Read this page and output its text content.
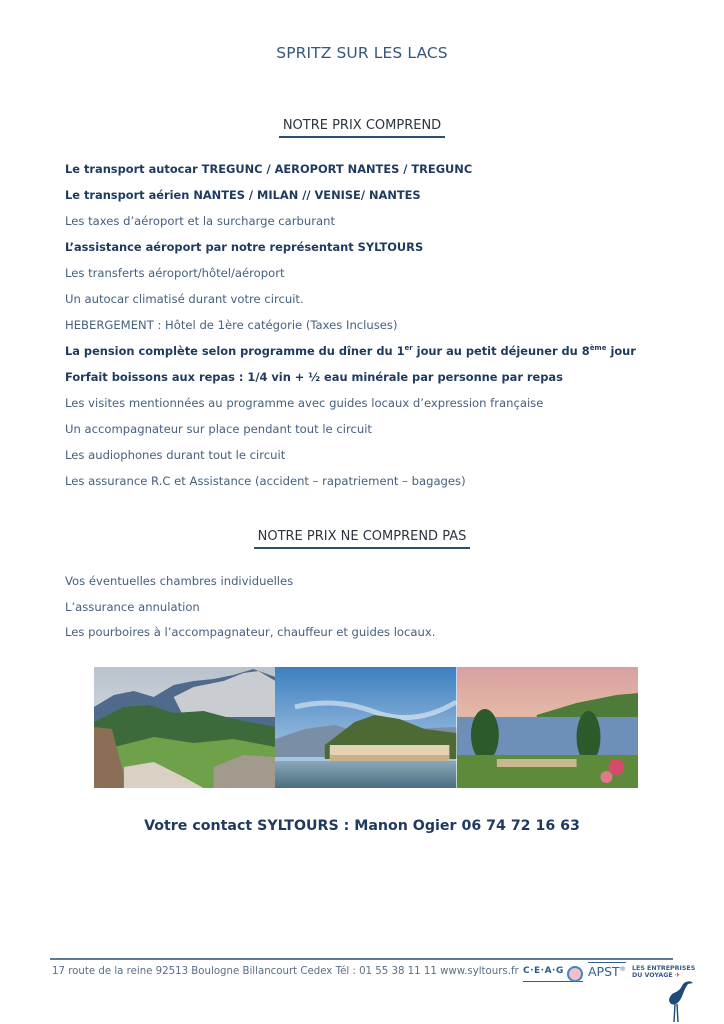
SPRITZ SUR LES LACS
NOTRE PRIX COMPREND
Le transport autocar TREGUNC / AEROPORT NANTES / TREGUNC
Le transport aérien NANTES / MILAN // VENISE/ NANTES
Les taxes d’aéroport et la surcharge carburant
L’assistance aéroport par notre représentant SYLTOURS
Les transferts aéroport/hôtel/aéroport
Un autocar climatisé durant votre circuit.
HEBERGEMENT : Hôtel de 1ère catégorie (Taxes Incluses)
La pension complète selon programme du dîner du 1er jour au petit déjeuner du 8ème jour
Forfait boissons aux repas : 1/4 vin + ½ eau minérale par personne par repas
Les visites mentionnées au programme avec guides locaux d’expression française
Un accompagnateur sur place pendant tout le circuit
Les audiophones durant tout le circuit
Les assurance R.C et Assistance (accident – rapatriement – bagages)
NOTRE PRIX NE COMPREND PAS
Vos éventuelles chambres individuelles
L’assurance annulation
Les pourboires à l’accompagnateur, chauffeur et guides locaux.
Votre contact SYLTOURS : Manon Ogier 06 74 72 16 63
17 route de la reine 92513 Boulogne Billancourt Cedex Tél : 01 55 38 11 11 www.syltours.fr C·E·A·G	APST® LES ENTREPRISES
DU VOYAGE ✈
